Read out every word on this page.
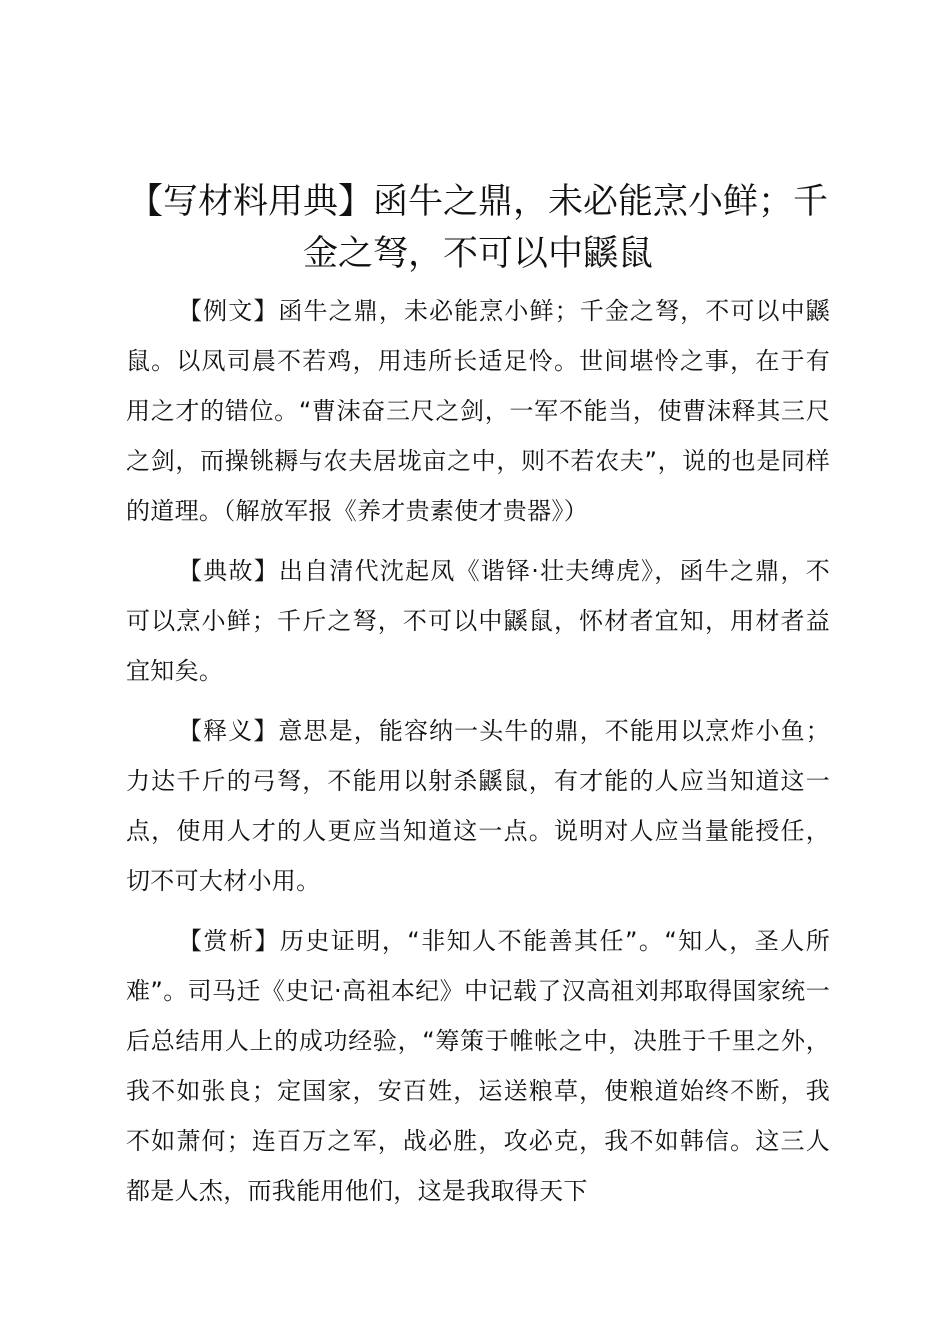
【写材料用典】函牛之鼎，未必能烹小鲜；千金之弩，不可以中鼷鼠

【例文】函牛之鼎，未必能烹小鲜；千金之弩，不可以中鼷鼠。以凤司晨不若鸡，用违所长适足怜。世间堪怜之事，在于有用之才的错位。“曹沫奋三尺之剑，一军不能当，使曹沫释其三尺之剑，而操铫耨与农夫居垅亩之中，则不若农夫”，说的也是同样的道理。（解放军报《养才贵素使才贵器》）

【典故】出自清代沈起凤《谐铎·壮夫缚虎》，函牛之鼎，不可以烹小鲜；千斤之弩，不可以中鼷鼠，怀材者宜知，用材者益宜知矣。

【释义】意思是，能容纳一头牛的鼎，不能用以烹炸小鱼；力达千斤的弓弩，不能用以射杀鼷鼠，有才能的人应当知道这一点，使用人才的人更应当知道这一点。说明对人应当量能授任，切不可大材小用。

【赏析】历史证明，“非知人不能善其任”。“知人，圣人所难”。司马迁《史记·高祖本纪》中记载了汉高祖刘邦取得国家统一后总结用人上的成功经验，“筹策于帷帐之中，决胜于千里之外，我不如张良；定国家，安百姓，运送粮草，使粮道始终不断，我不如萧何；连百万之军，战必胜，攻必克，我不如韩信。这三人都是人杰，而我能用他们，这是我取得天下
